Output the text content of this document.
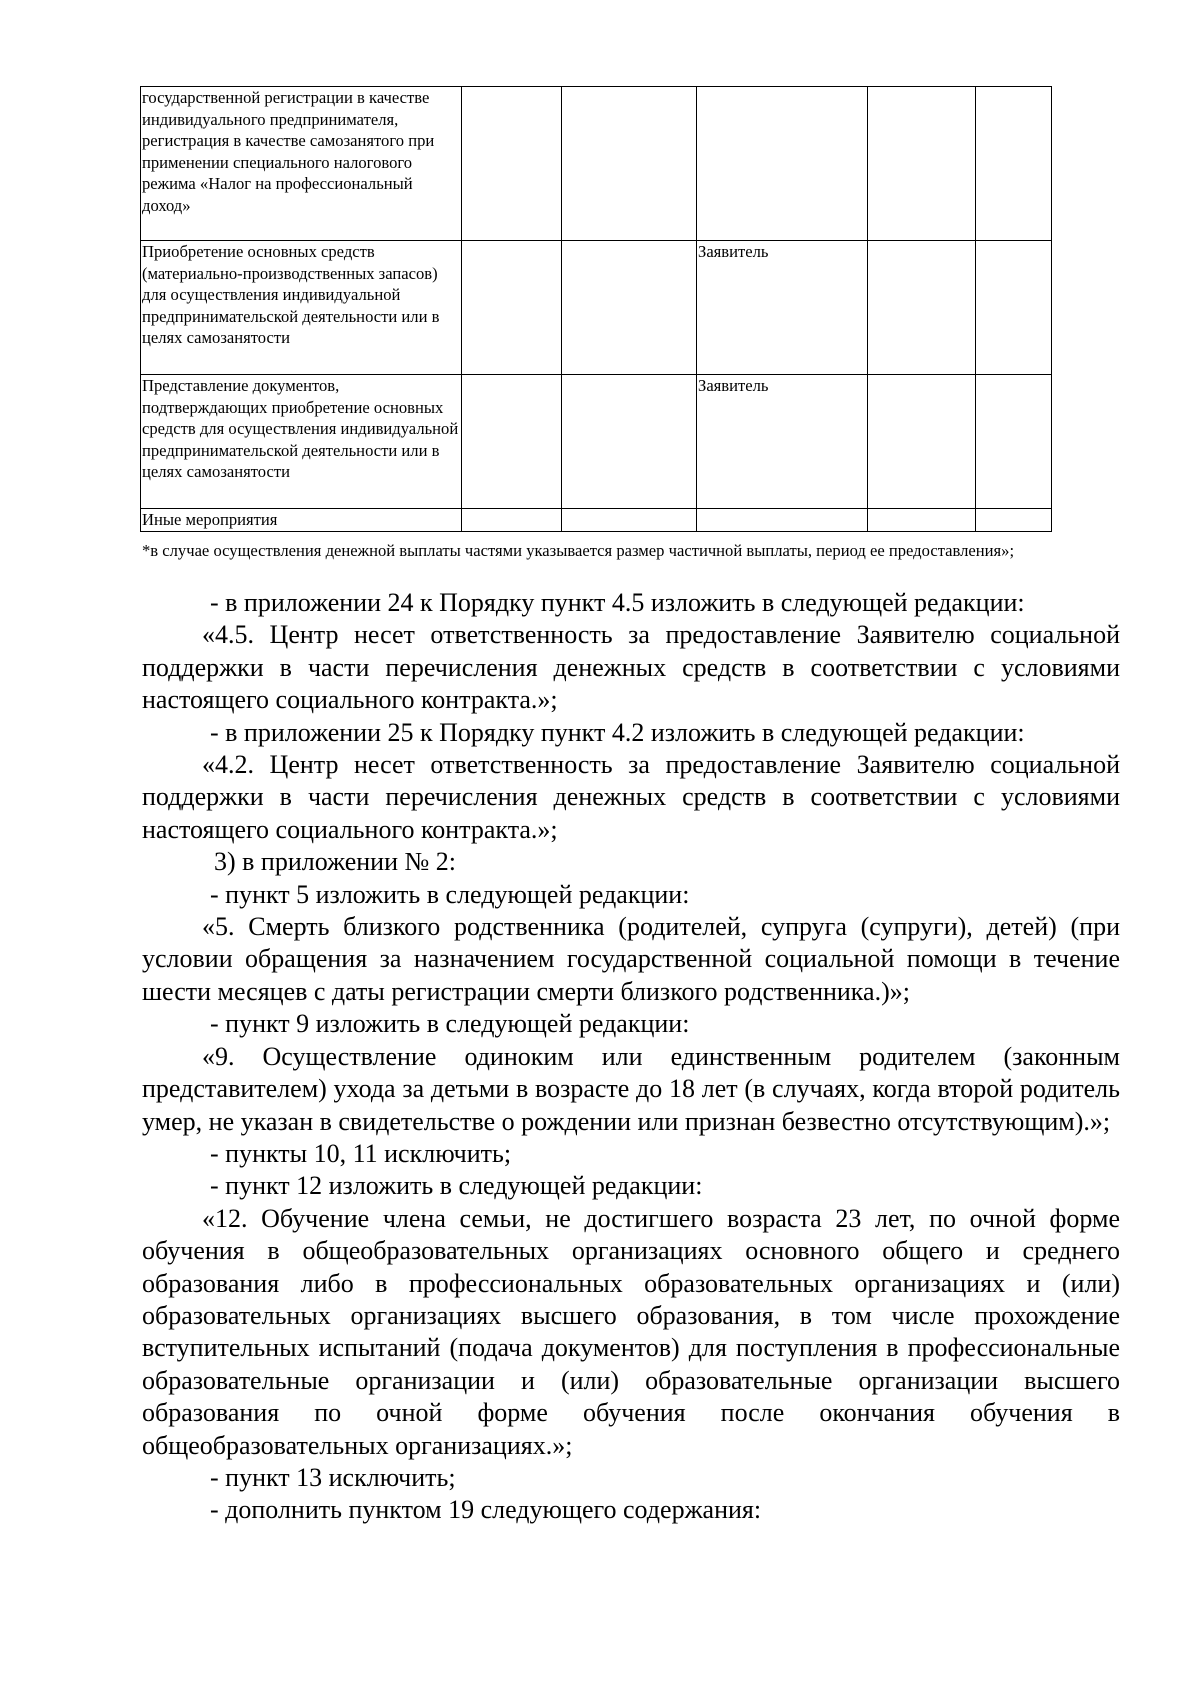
государственной регистрации в качестве индивидуального предпринимателя, регистрация в качестве самозанятого при применении специального налогового режима «Налог на профессиональный доход»					

Приобретение основных средств (материально-производственных запасов) для осуществления индивидуальной предпринимательской деятельности или в целях самозанятости			Заявитель		

Представление документов, подтверждающих приобретение основных средств для осуществления индивидуальной предпринимательской деятельности или в целях самозанятости			Заявитель		

Иные мероприятия					

*в случае осуществления денежной выплаты частями указывается размер частичной выплаты, период ее предоставления»;

- в приложении 24 к Порядку пункт 4.5 изложить в следующей редакции:

«4.5. Центр несет ответственность за предоставление Заявителю социальной поддержки в части перечисления денежных средств в соответствии с условиями настоящего социального контракта.»;

- в приложении 25 к Порядку пункт 4.2 изложить в следующей редакции:

«4.2. Центр несет ответственность за предоставление Заявителю социальной поддержки в части перечисления денежных средств в соответствии с условиями настоящего социального контракта.»;

3) в приложении № 2:

- пункт 5 изложить в следующей редакции:

«5. Смерть близкого родственника (родителей, супруга (супруги), детей) (при условии обращения за назначением государственной социальной помощи в течение шести месяцев с даты регистрации смерти близкого родственника.)»;

- пункт 9 изложить в следующей редакции:

«9. Осуществление одиноким или единственным родителем (законным представителем) ухода за детьми в возрасте до 18 лет (в случаях, когда второй родитель умер, не указан в свидетельстве о рождении или признан безвестно отсутствующим).»;

- пункты 10, 11 исключить;

- пункт 12 изложить в следующей редакции:

«12. Обучение члена семьи, не достигшего возраста 23 лет, по очной форме обучения в общеобразовательных организациях основного общего и среднего образования либо в профессиональных образовательных организациях и (или) образовательных организациях высшего образования, в том числе прохождение вступительных испытаний (подача документов) для поступления в профессиональные образовательные организации и (или) образовательные организации высшего образования по очной форме обучения после окончания обучения в общеобразовательных организациях.»;

- пункт 13 исключить;

- дополнить пунктом 19 следующего содержания:
